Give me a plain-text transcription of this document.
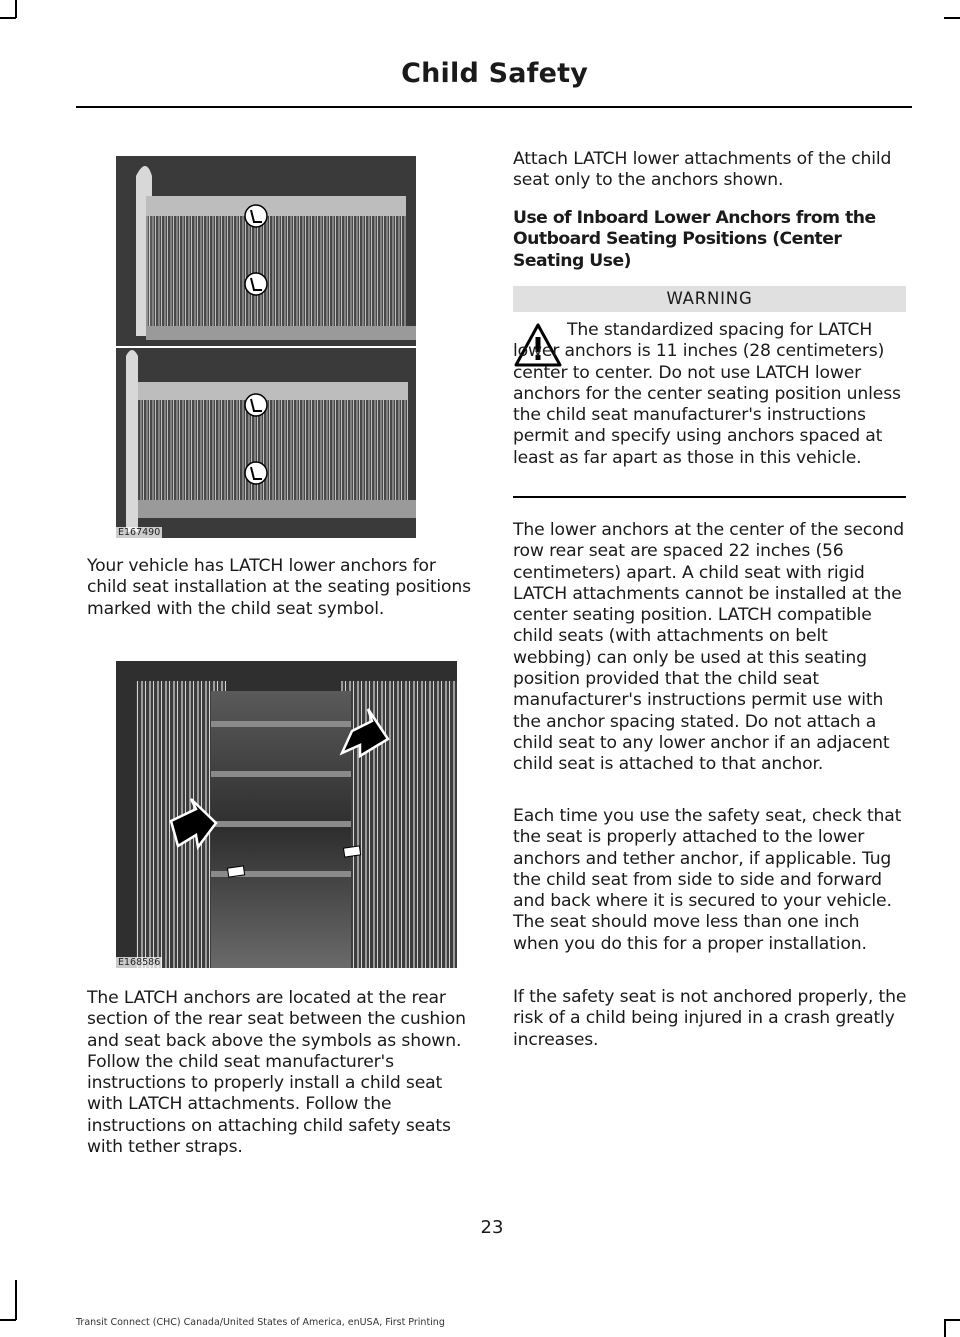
Child Safety
E167490

Your vehicle has LATCH lower anchors for child seat installation at the seating positions marked with the child seat symbol.

E168586

The LATCH anchors are located at the rear section of the rear seat between the cushion and seat back above the symbols as shown. Follow the child seat manufacturer's instructions to properly install a child seat with LATCH attachments. Follow the instructions on attaching child safety seats with tether straps.

Attach LATCH lower attachments of the child seat only to the anchors shown.

Use of Inboard Lower Anchors from the Outboard Seating Positions (Center Seating Use)

WARNING

The standardized spacing for LATCH lower anchors is 11 inches (28 centimeters) center to center. Do not use LATCH lower anchors for the center seating position unless the child seat manufacturer's instructions permit and specify using anchors spaced at least as far apart as those in this vehicle.

The lower anchors at the center of the second row rear seat are spaced 22 inches (56 centimeters) apart. A child seat with rigid LATCH attachments cannot be installed at the center seating position. LATCH compatible child seats (with attachments on belt webbing) can only be used at this seating position provided that the child seat manufacturer's instructions permit use with the anchor spacing stated. Do not attach a child seat to any lower anchor if an adjacent child seat is attached to that anchor.

Each time you use the safety seat, check that the seat is properly attached to the lower anchors and tether anchor, if applicable. Tug the child seat from side to side and forward and back where it is secured to your vehicle. The seat should move less than one inch when you do this for a proper installation.

If the safety seat is not anchored properly, the risk of a child being injured in a crash greatly increases.

23
Transit Connect (CHC) Canada/United States of America, enUSA, First Printing
